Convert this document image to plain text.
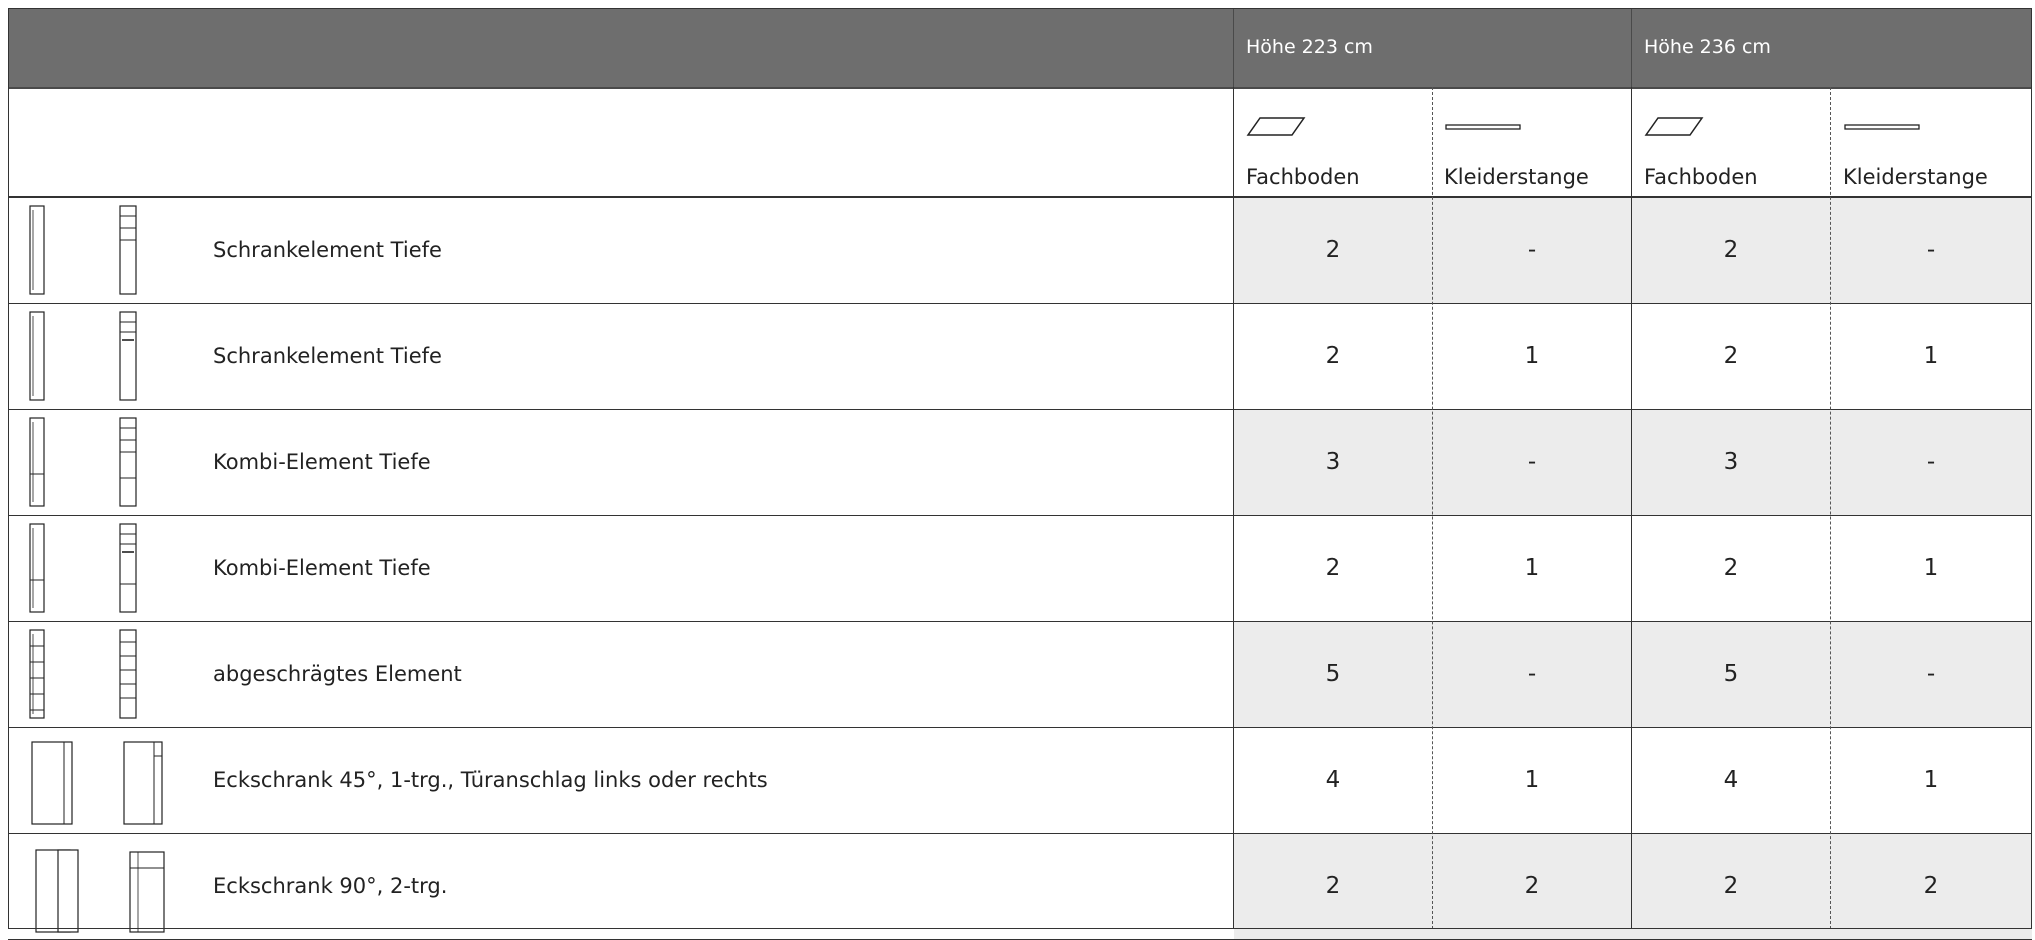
Höhe 223 cm	Höhe 236 cm
Fachboden	Kleiderstange	Fachboden	Kleiderstange
Schrankelement Tiefe	2	-	2	-
Schrankelement Tiefe	2	1	2	1
Kombi-Element Tiefe	3	-	3	-
Kombi-Element Tiefe	2	1	2	1
abgeschrägtes Element	5	-	5	-
Eckschrank 45°, 1-trg., Türanschlag links oder rechts	4	1	4	1
Eckschrank 90°, 2-trg.	2	2	2	2
